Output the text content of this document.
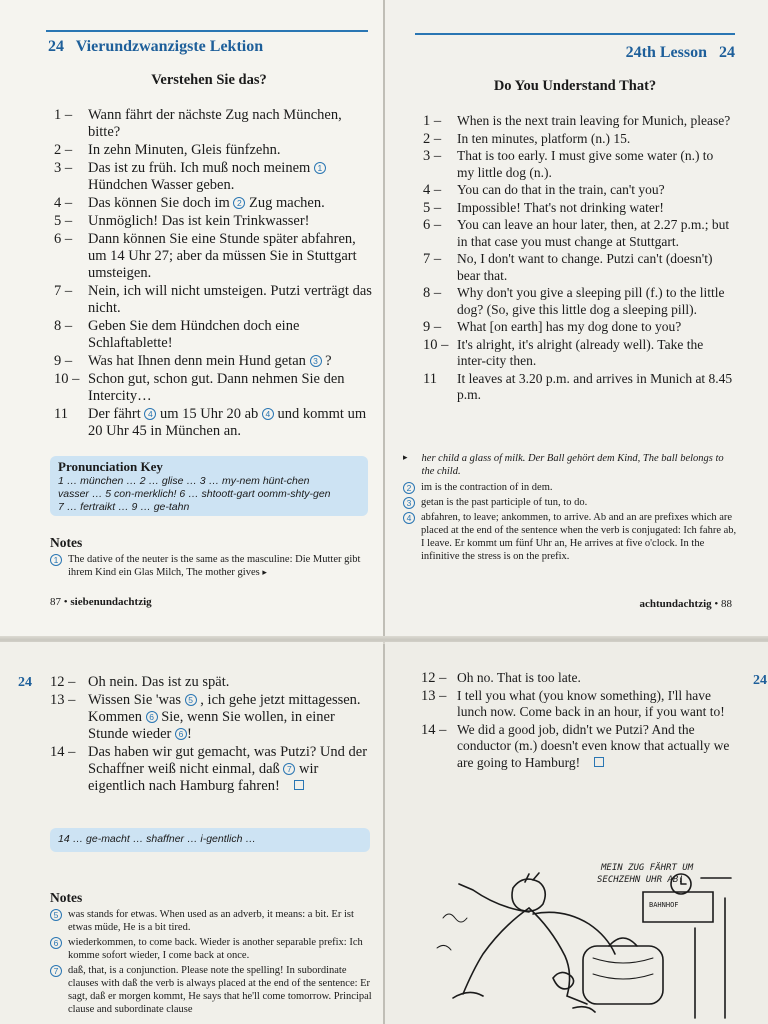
24 Vierundzwanzigste Lektion
Verstehen Sie das?
1 –	Wann fährt der nächste Zug nach München, bitte?
2 –	In zehn Minuten, Gleis fünfzehn.
3 –	Das ist zu früh. Ich muß noch meinem 1 Hündchen Wasser geben.
4 –	Das können Sie doch im 2 Zug machen.
5 –	Unmöglich! Das ist kein Trinkwasser!
6 –	Dann können Sie eine Stunde später abfahren, um 14 Uhr 27; aber da müssen Sie in Stuttgart umsteigen.
7 –	Nein, ich will nicht umsteigen. Putzi verträgt das nicht.
8 –	Geben Sie dem Hündchen doch eine Schlaftablette!
9 –	Was hat Ihnen denn mein Hund getan 3 ?
10 – Schon gut, schon gut. Dann nehmen Sie den Intercity…
11	Der fährt 4 um 15 Uhr 20 ab 4 und kommt um 20 Uhr 45 in München an.
Pronunciation Key
1 … münchen … 2 … glise … 3 … my-nem hünt-chen
vasser … 5 con-merklich! 6 … shtoott-gart oomm-shty-gen
7 … fertraikt … 9 … ge-tahn
Notes
1 The dative of the neuter is the same as the masculine: Die Mutter gibt ihrem Kind ein Glas Milch, The mother gives ▸
87 • siebenundachtzig
24th Lesson 24
Do You Understand That?
1 –	When is the next train leaving for Munich, please?
2 –	In ten minutes, platform (n.) 15.
3 –	That is too early. I must give some water (n.) to my little dog (n.).
4 –	You can do that in the train, can't you?
5 –	Impossible! That's not drinking water!
6 –	You can leave an hour later, then, at 2.27 p.m.; but in that case you must change at Stuttgart.
7 –	No, I don't want to change. Putzi can't (doesn't) bear that.
8 –	Why don't you give a sleeping pill (f.) to the little dog? (So, give this little dog a sleeping pill).
9 –	What [on earth] has my dog done to you?
10 – It's alright, it's alright (already well). Take the inter-city then.
11	It leaves at 3.20 p.m. and arrives in Munich at 8.45 p.m.
▸ her child a glass of milk. Der Ball gehört dem Kind, The ball belongs to the child.
2 im is the contraction of in dem.
3 getan is the past participle of tun, to do.
4 abfahren, to leave; ankommen, to arrive. Ab and an are prefixes which are placed at the end of the sentence when the verb is conjugated: Ich fahre ab, I leave. Er kommt um fünf Uhr an, He arrives at five o'clock. In the infinitive the stress is on the prefix.
achtundachtzig • 88
24 12 – Oh nein. Das ist zu spät.
13 – Wissen Sie 'was 5 , ich gehe jetzt mittagessen. Kommen 6 Sie, wenn Sie wollen, in einer Stunde wieder 6 !
14 – Das haben wir gut gemacht, was Putzi? Und der Schaffner weiß nicht einmal, daß 7 wir eigentlich nach Hamburg fahren!
14 … ge-macht … shaffner … i-gentlich …
Notes
5 was stands for etwas. When used as an adverb, it means: a bit. Er ist etwas müde, He is a bit tired.
6 wiederkommen, to come back. Wieder is another separable prefix: Ich komme sofort wieder, I come back at once.
7 daß, that, is a conjunction. Please note the spelling! In subordinate clauses with daß the verb is always placed at the end of the sentence: Er sagt, daß er morgen kommt, He says that he'll come tomorrow. Principal clause and subordinate clause
12 – Oh no. That is too late.
13 – I tell you what (you know something), I'll have lunch now. Come back in an hour, if you want to!
14 – We did a good job, didn't we Putzi? And the conductor (m.) doesn't even know that actually we are going to Hamburg!
24
MEIN ZUG FÄHRT UM
SECHZEHN UHR AB!
BAHNHOF
